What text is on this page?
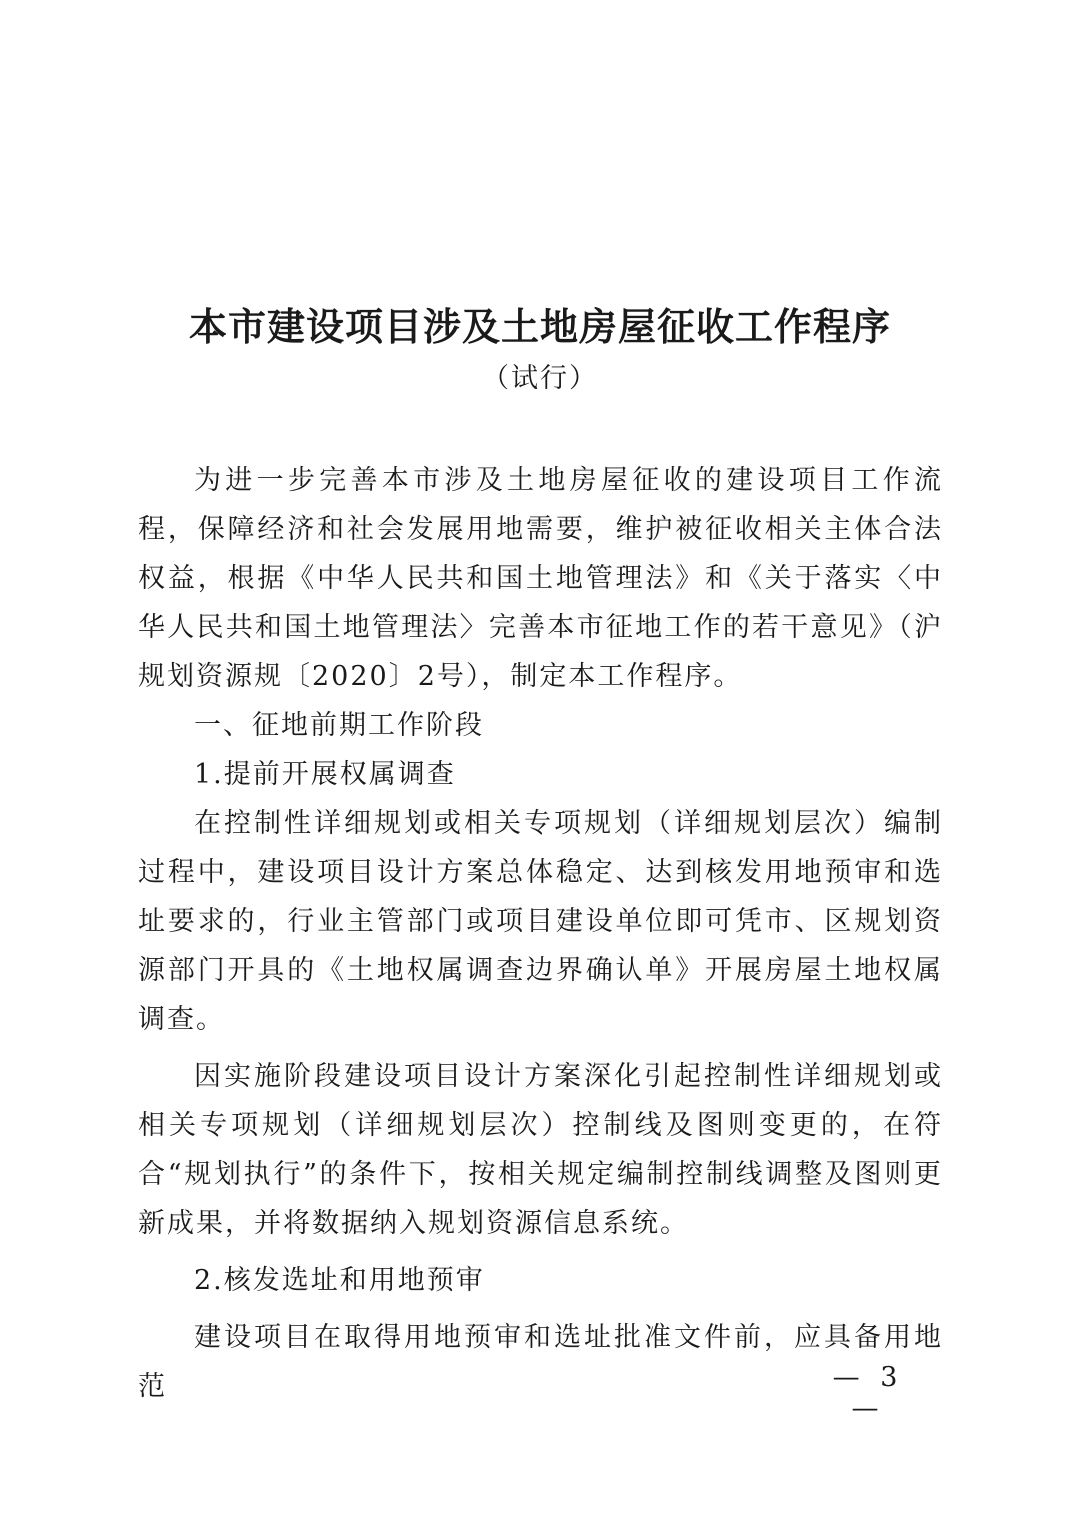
本市建设项目涉及土地房屋征收工作程序
（试行）

为进一步完善本市涉及土地房屋征收的建设项目工作流程，保障经济和社会发展用地需要，维护被征收相关主体合法权益，根据《中华人民共和国土地管理法》和《关于落实〈中华人民共和国土地管理法〉完善本市征地工作的若干意见》（沪规划资源规〔2020〕2号），制定本工作程序。

一、征地前期工作阶段

1.提前开展权属调查

在控制性详细规划或相关专项规划（详细规划层次）编制过程中，建设项目设计方案总体稳定、达到核发用地预审和选址要求的，行业主管部门或项目建设单位即可凭市、区规划资源部门开具的《土地权属调查边界确认单》开展房屋土地权属调查。

因实施阶段建设项目设计方案深化引起控制性详细规划或相关专项规划（详细规划层次）控制线及图则变更的，在符合“规划执行”的条件下，按相关规定编制控制线调整及图则更新成果，并将数据纳入规划资源信息系统。

2.核发选址和用地预审

建设项目在取得用地预审和选址批准文件前，应具备用地范	— 3 —
